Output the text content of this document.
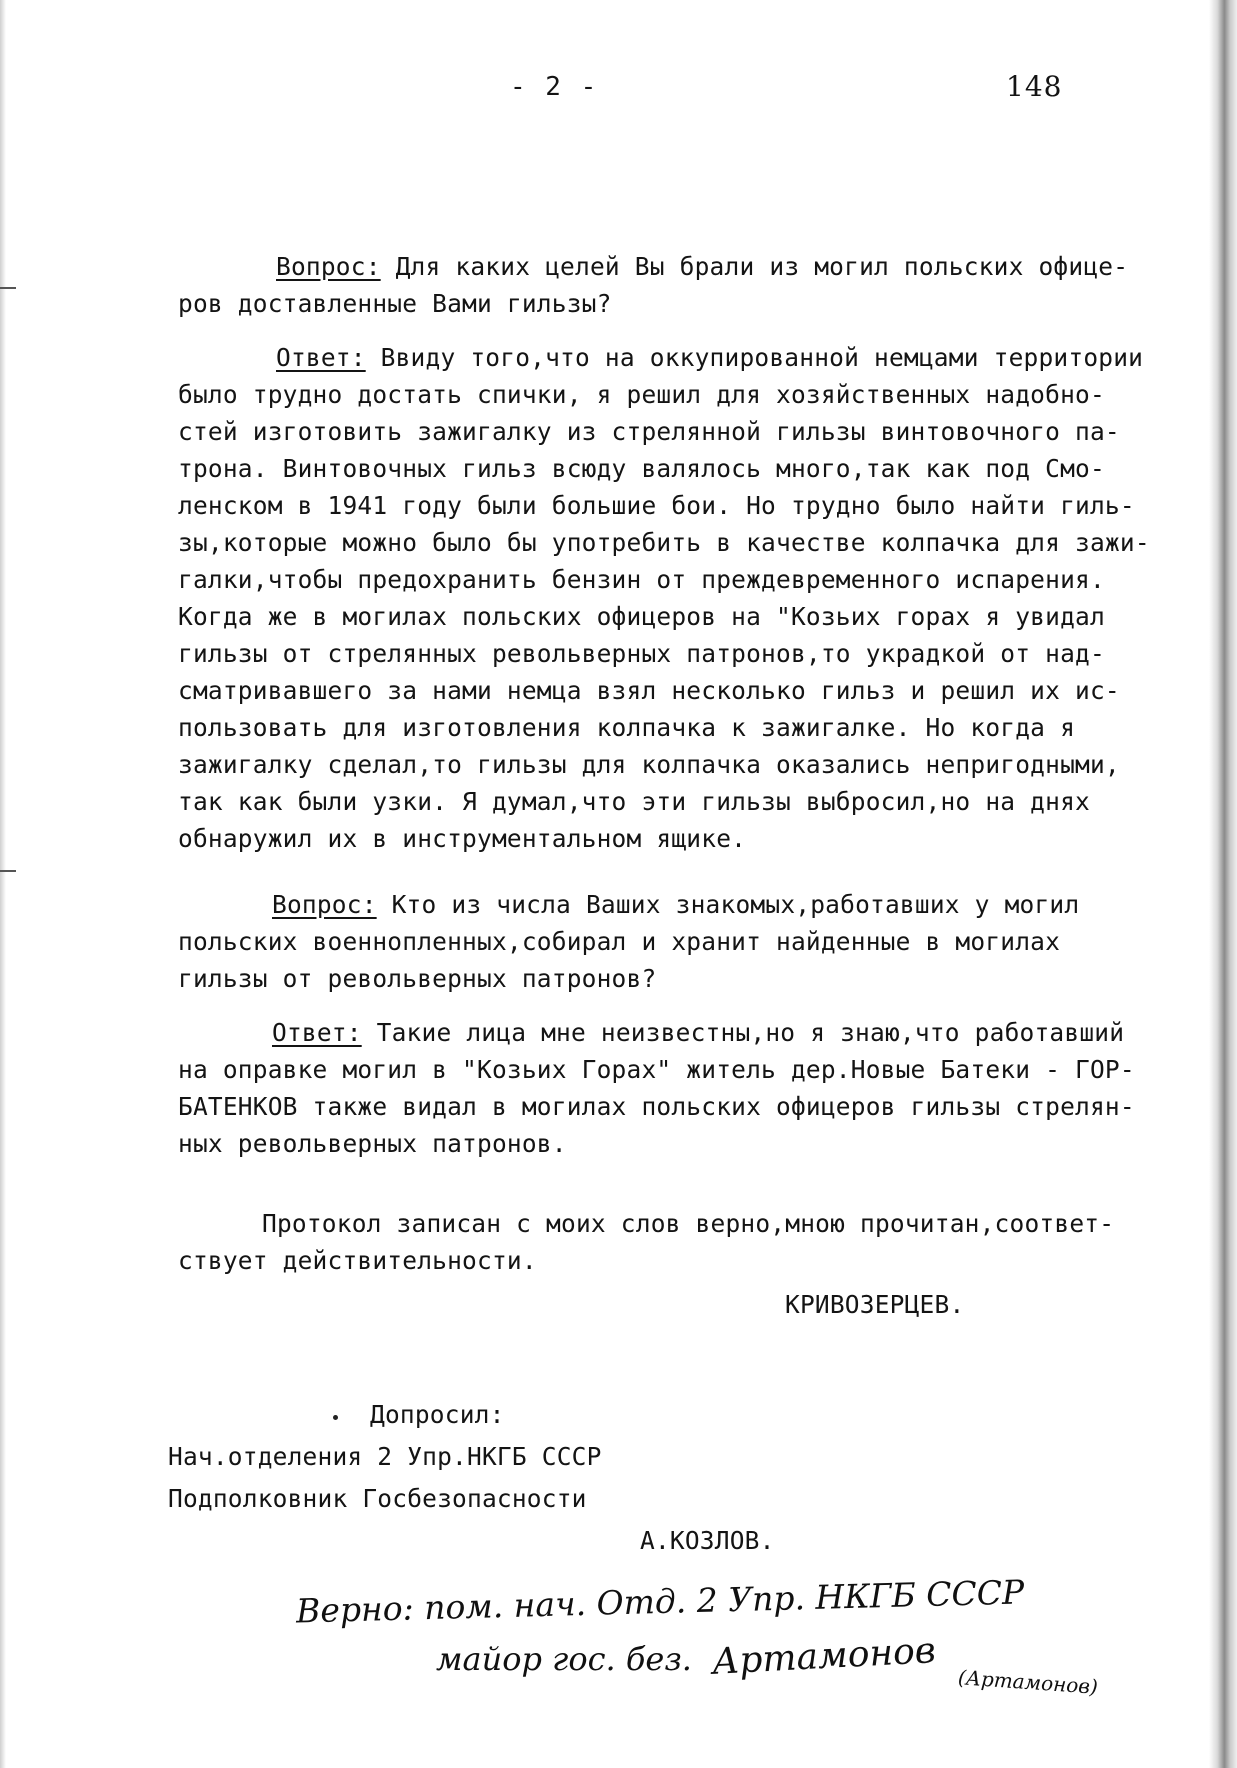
- 2 -	148
Вопрос: Для каких целей Вы брали из могил польских офице-
ров доставленные Вами гильзы?
Ответ: Ввиду того,что на оккупированной немцами территории
было трудно достать спички, я решил для хозяйственных надобно-
стей изготовить зажигалку из стрелянной гильзы винтовочного па-
трона. Винтовочных гильз всюду валялось много,так как под Смо-
ленском в 1941 году были большие бои. Но трудно было найти гиль-
зы,которые можно было бы употребить в качестве колпачка для зажи-
галки,чтобы предохранить бензин от преждевременного испарения.
Когда же в могилах польских офицеров на "Козьих горах я увидал
гильзы от стрелянных револьверных патронов,то украдкой от над-
сматривавшего за нами немца взял несколько гильз и решил их ис-
пользовать для изготовления колпачка к зажигалке. Но когда я
зажигалку сделал,то гильзы для колпачка оказались непригодными,
так как были узки. Я думал,что эти гильзы выбросил,но на днях
обнаружил их в инструментальном ящике.
Вопрос: Кто из числа Ваших знакомых,работавших у могил
польских военнопленных,собирал и хранит найденные в могилах
гильзы от револьверных патронов?
Ответ: Такие лица мне неизвестны,но я знаю,что работавший
на оправке могил в "Козьих Горах" житель дер.Новые Батеки - ГОР-
БАТЕНКОВ также видал в могилах польских офицеров гильзы стрелян-
ных револьверных патронов.
Протокол записан с моих слов верно,мною прочитан,соответ-
ствует действительности.
КРИВОЗЕРЦЕВ.
Допросил:
Нач.отделения 2 Упр.НКГБ СССР
Подполковник Госбезопасности
А.КОЗЛОВ.
Верно: пом. нач. Отд. 2 Упр. НКГБ СССР
майор гос. без. Артамонов (Артамонов)
